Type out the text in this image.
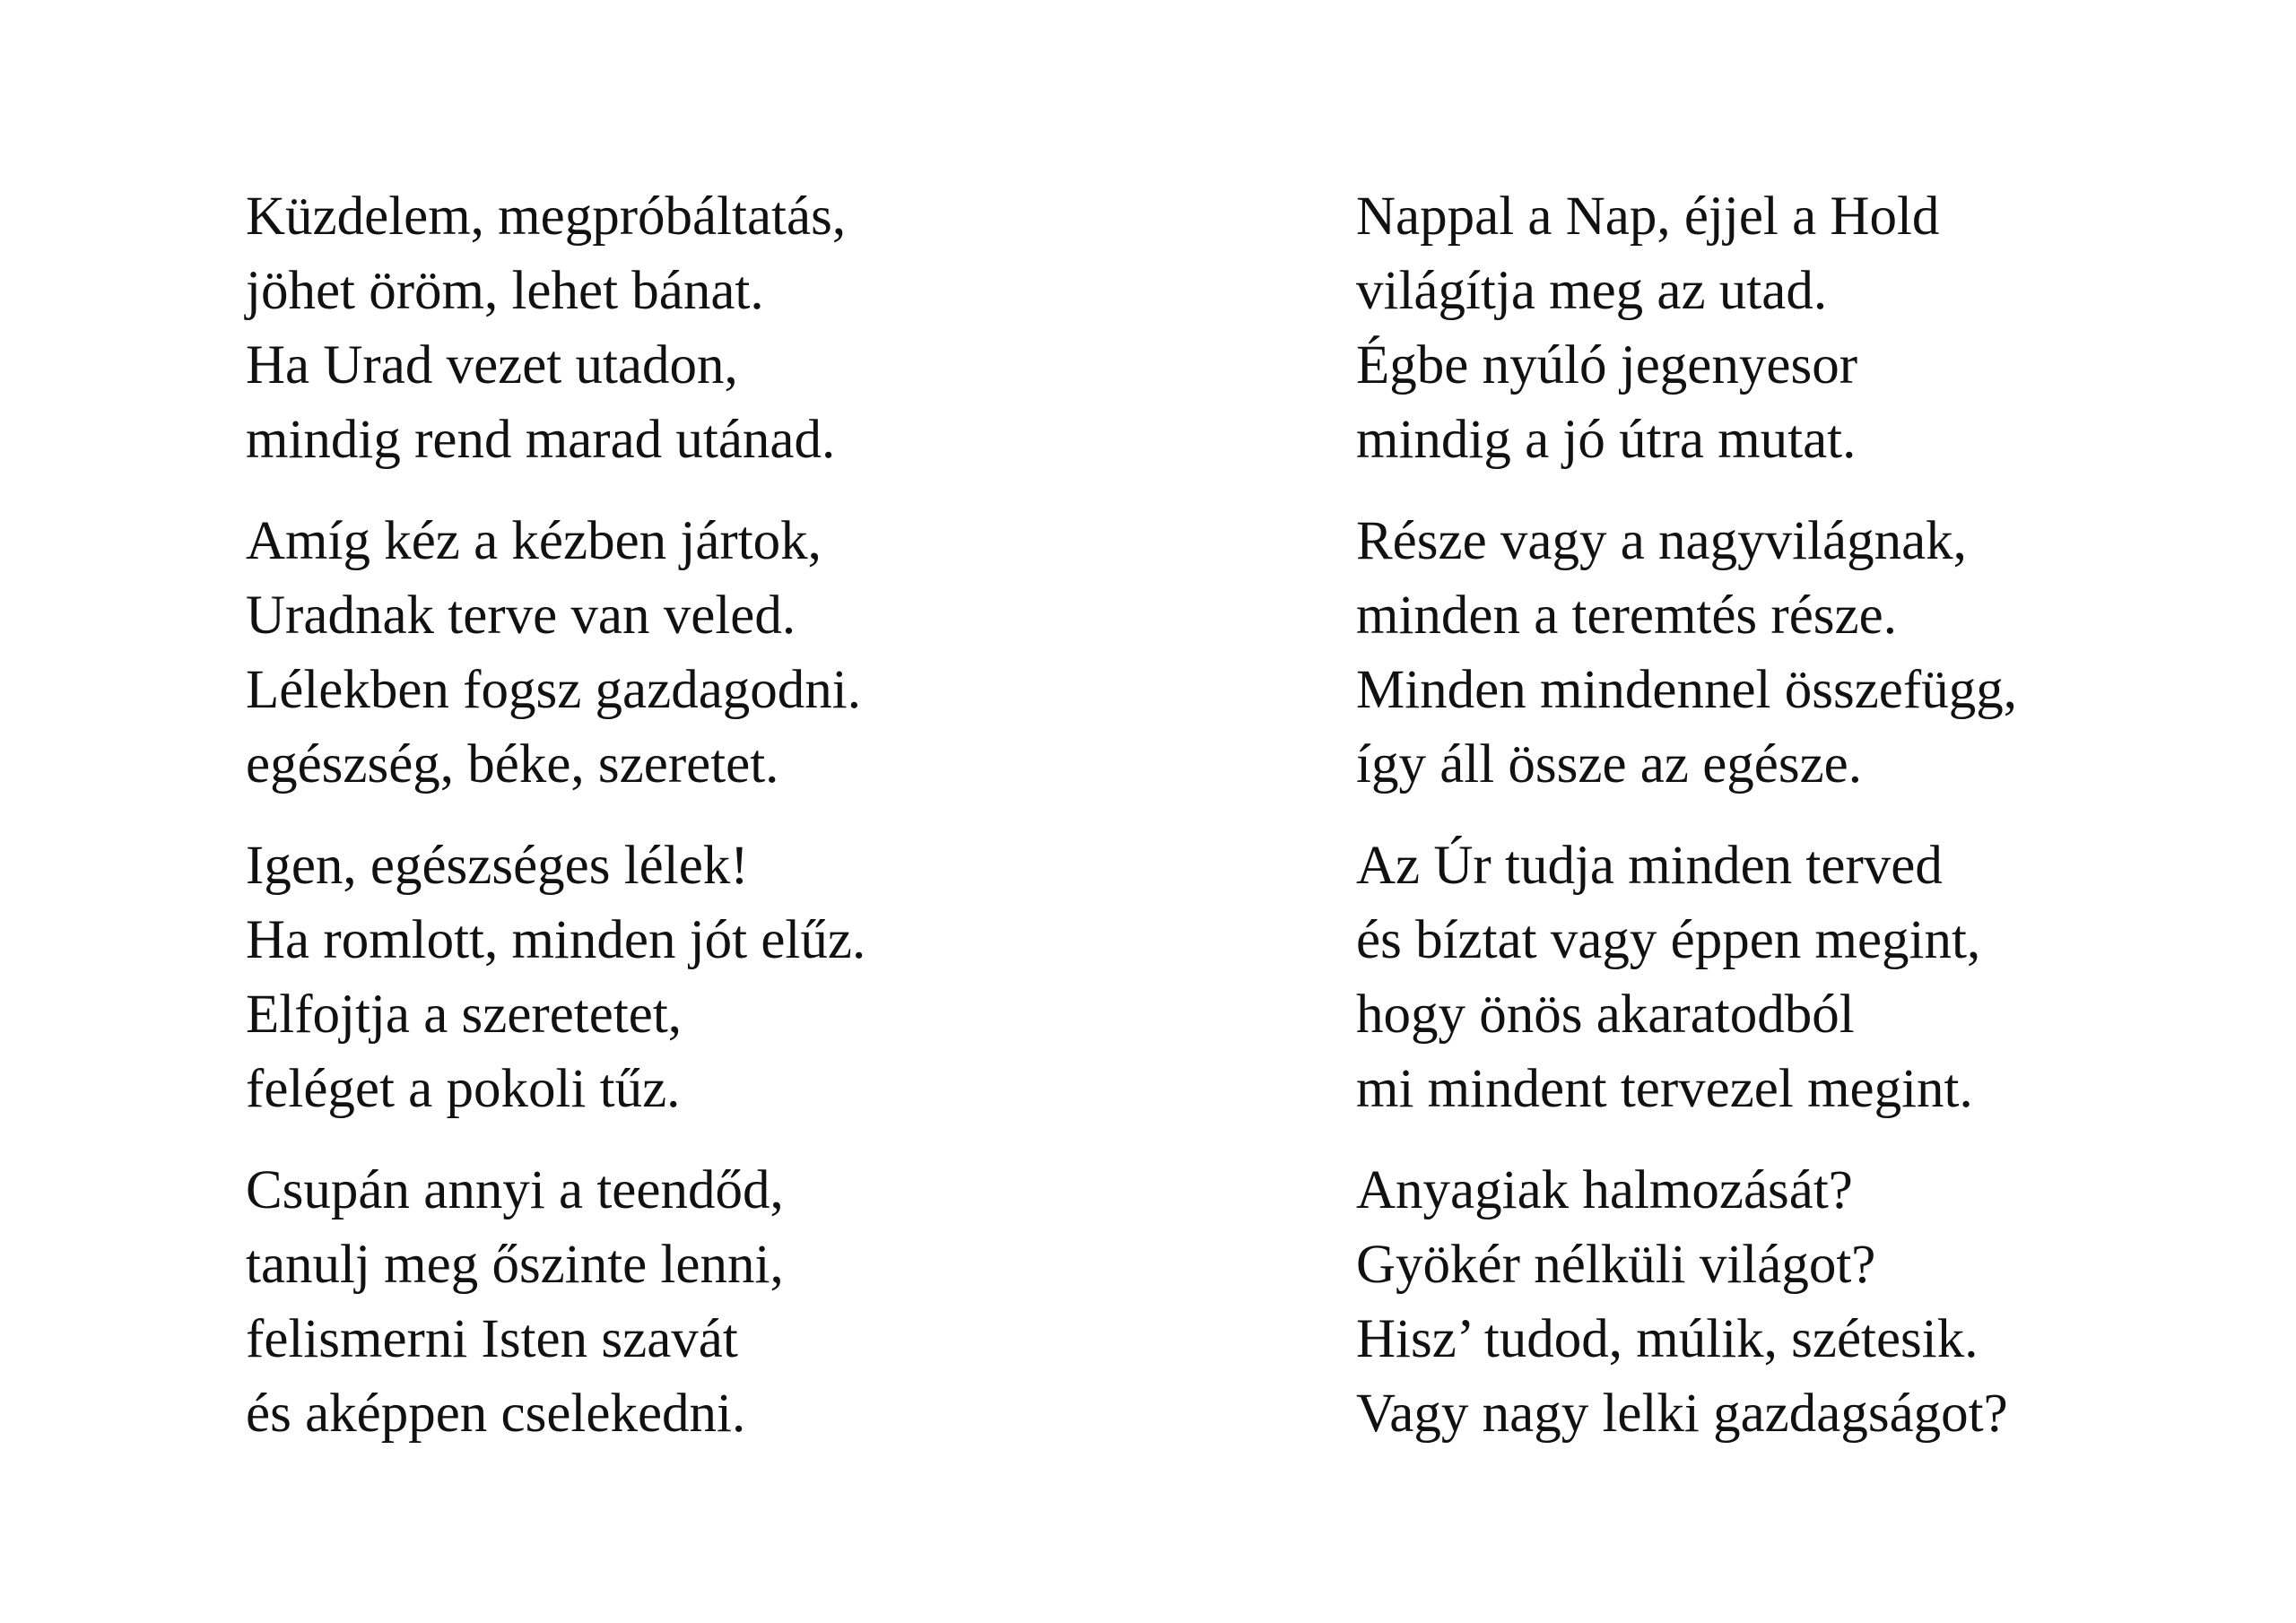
Küzdelem, megpróbáltatás,
jöhet öröm, lehet bánat.
Ha Urad vezet utadon,
mindig rend marad utánad.
Amíg kéz a kézben jártok,
Uradnak terve van veled.
Lélekben fogsz gazdagodni.
egészség, béke, szeretet.
Igen, egészséges lélek!
Ha romlott, minden jót elűz.
Elfojtja a szeretetet,
feléget a pokoli tűz.
Csupán annyi a teendőd,
tanulj meg őszinte lenni,
felismerni Isten szavát
és aképpen cselekedni.
Nappal a Nap, éjjel a Hold
világítja meg az utad.
Égbe nyúló jegenyesor
mindig a jó útra mutat.
Része vagy a nagyvilágnak,
minden a teremtés része.
Minden mindennel összefügg,
így áll össze az egésze.
Az Úr tudja minden terved
és bíztat vagy éppen megint,
hogy önös akaratodból
mi mindent tervezel megint.
Anyagiak halmozását?
Gyökér nélküli világot?
Hisz’ tudod, múlik, szétesik.
Vagy nagy lelki gazdagságot?
